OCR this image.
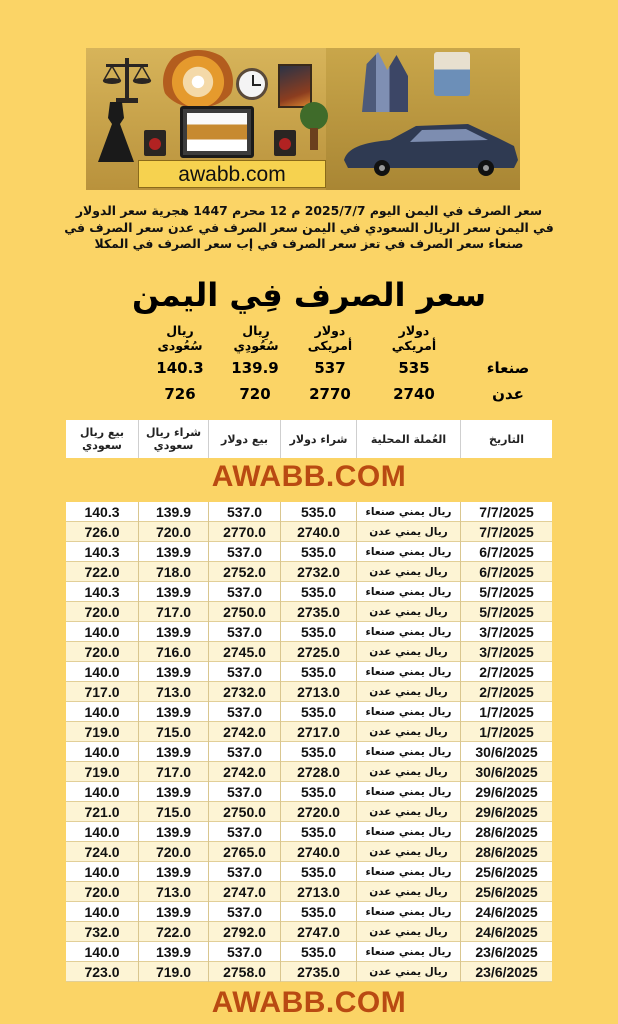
awabb.com
سعر الصرف في اليمن اليوم 2025/7/7 م 12 محرم 1447 هجرية سعر الدولار
في اليمن سعر الريال السعودي في اليمن سعر الصرف في عدن سعر الصرف في
صنعاء سعر الصرف في تعز سعر الصرف في إب سعر الصرف في المكلا
سعر الصرف فِي اليمن
دولار أمريكي
دولار أمريكى
رِيال سُعُودِي
ريال سُعُودى
صنعاء
535
537
139.9
140.3
عدن
2740
2770
720
726
التاريخ
العُملة المحلية
شراء دولار
بيع دولار
شراء ريال سعودي
بيع ريال سعودي
AWABB.COM
7/7/2025
ريال يمني صنعاء
535.0
537.0
139.9
140.3
7/7/2025
ريال يمني عدن
2740.0
2770.0
720.0
726.0
6/7/2025
ريال يمني صنعاء
535.0
537.0
139.9
140.3
6/7/2025
ريال يمني عدن
2732.0
2752.0
718.0
722.0
5/7/2025
ريال يمني صنعاء
535.0
537.0
139.9
140.3
5/7/2025
ريال يمني عدن
2735.0
2750.0
717.0
720.0
3/7/2025
ريال يمني صنعاء
535.0
537.0
139.9
140.0
3/7/2025
ريال يمني عدن
2725.0
2745.0
716.0
720.0
2/7/2025
ريال يمني صنعاء
535.0
537.0
139.9
140.0
2/7/2025
ريال يمني عدن
2713.0
2732.0
713.0
717.0
1/7/2025
ريال يمني صنعاء
535.0
537.0
139.9
140.0
1/7/2025
ريال يمني عدن
2717.0
2742.0
715.0
719.0
30/6/2025
ريال يمني صنعاء
535.0
537.0
139.9
140.0
30/6/2025
ريال يمني عدن
2728.0
2742.0
717.0
719.0
29/6/2025
ريال يمني صنعاء
535.0
537.0
139.9
140.0
29/6/2025
ريال يمني عدن
2720.0
2750.0
715.0
721.0
28/6/2025
ريال يمني صنعاء
535.0
537.0
139.9
140.0
28/6/2025
ريال يمني عدن
2740.0
2765.0
720.0
724.0
25/6/2025
ريال يمني صنعاء
535.0
537.0
139.9
140.0
25/6/2025
ريال يمني عدن
2713.0
2747.0
713.0
720.0
24/6/2025
ريال يمني صنعاء
535.0
537.0
139.9
140.0
24/6/2025
ريال يمني عدن
2747.0
2792.0
722.0
732.0
23/6/2025
ريال يمني صنعاء
535.0
537.0
139.9
140.0
23/6/2025
ريال يمني عدن
2735.0
2758.0
719.0
723.0
AWABB.COM
